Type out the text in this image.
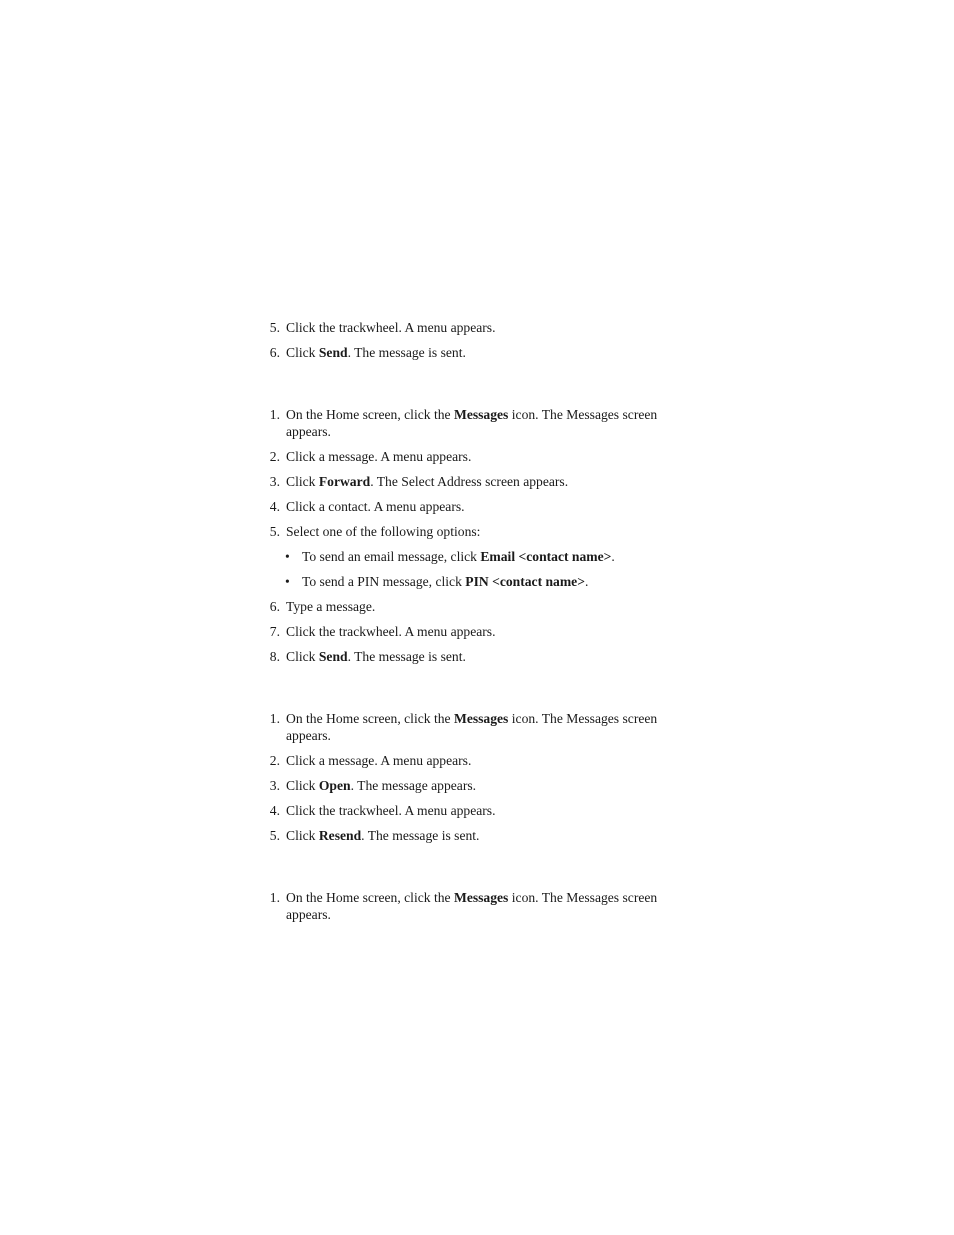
5. Click the trackwheel. A menu appears.
6. Click Send. The message is sent.
1. On the Home screen, click the Messages icon. The Messages screen appears.
2. Click a message. A menu appears.
3. Click Forward. The Select Address screen appears.
4. Click a contact. A menu appears.
5. Select one of the following options:
• To send an email message, click Email <contact name>.
• To send a PIN message, click PIN <contact name>.
6. Type a message.
7. Click the trackwheel. A menu appears.
8. Click Send. The message is sent.
1. On the Home screen, click the Messages icon. The Messages screen appears.
2. Click a message. A menu appears.
3. Click Open. The message appears.
4. Click the trackwheel. A menu appears.
5. Click Resend. The message is sent.
1. On the Home screen, click the Messages icon. The Messages screen appears.
